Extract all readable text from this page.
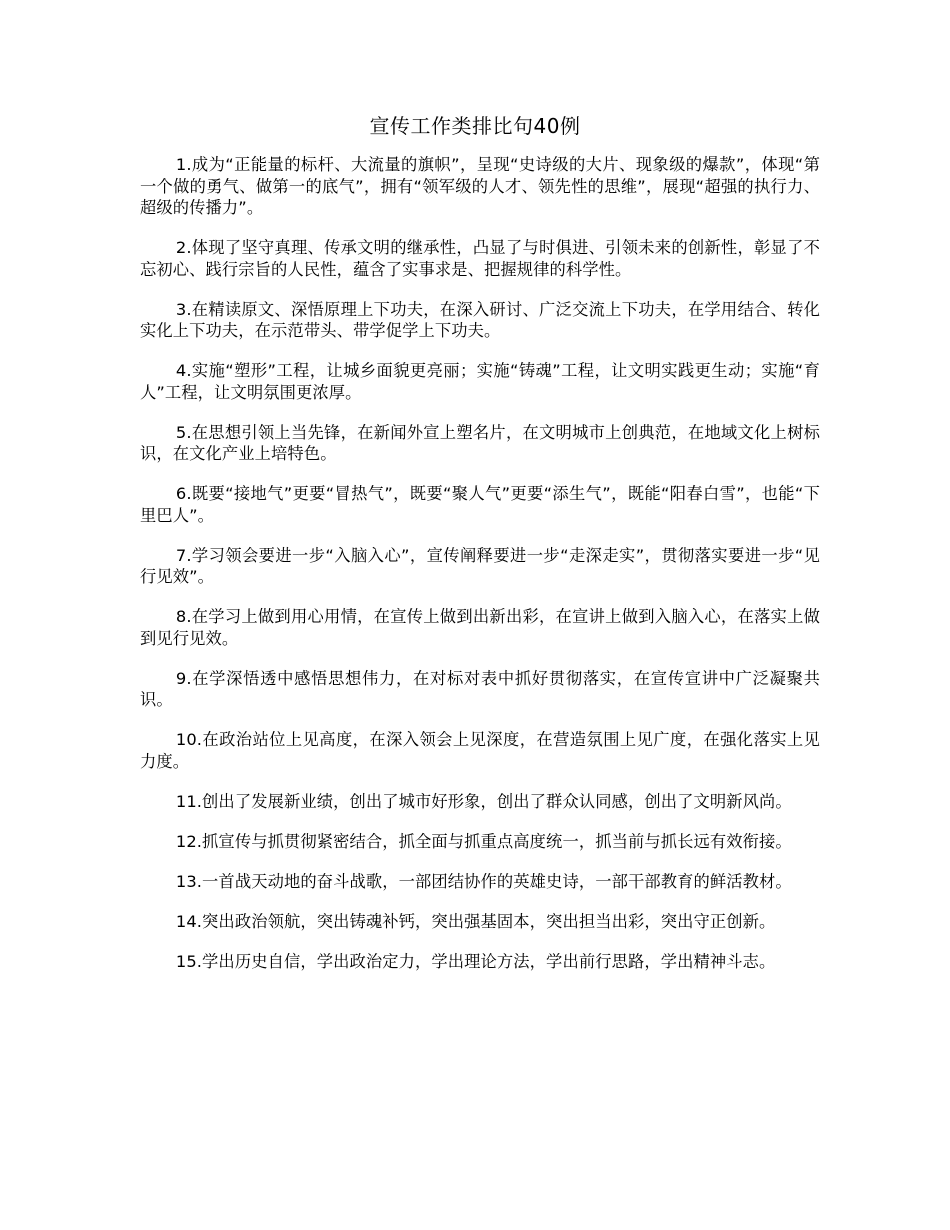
宣传工作类排比句40例

1.成为“正能量的标杆、大流量的旗帜”，呈现“史诗级的大片、现象级的爆款”，体现“第一个做的勇气、做第一的底气”，拥有“领军级的人才、领先性的思维”，展现“超强的执行力、超级的传播力”。

2.体现了坚守真理、传承文明的继承性，凸显了与时俱进、引领未来的创新性，彰显了不忘初心、践行宗旨的人民性，蕴含了实事求是、把握规律的科学性。

3.在精读原文、深悟原理上下功夫，在深入研讨、广泛交流上下功夫，在学用结合、转化实化上下功夫，在示范带头、带学促学上下功夫。

4.实施“塑形”工程，让城乡面貌更亮丽；实施“铸魂”工程，让文明实践更生动；实施“育人”工程，让文明氛围更浓厚。

5.在思想引领上当先锋，在新闻外宣上塑名片，在文明城市上创典范，在地域文化上树标识，在文化产业上培特色。

6.既要“接地气”更要“冒热气”，既要“聚人气”更要“添生气”，既能“阳春白雪”，也能“下里巴人”。

7.学习领会要进一步“入脑入心”，宣传阐释要进一步“走深走实”，贯彻落实要进一步“见行见效”。

8.在学习上做到用心用情，在宣传上做到出新出彩，在宣讲上做到入脑入心，在落实上做到见行见效。

9.在学深悟透中感悟思想伟力，在对标对表中抓好贯彻落实，在宣传宣讲中广泛凝聚共识。

10.在政治站位上见高度，在深入领会上见深度，在营造氛围上见广度，在强化落实上见力度。

11.创出了发展新业绩，创出了城市好形象，创出了群众认同感，创出了文明新风尚。

12.抓宣传与抓贯彻紧密结合，抓全面与抓重点高度统一，抓当前与抓长远有效衔接。

13.一首战天动地的奋斗战歌，一部团结协作的英雄史诗，一部干部教育的鲜活教材。

14.突出政治领航，突出铸魂补钙，突出强基固本，突出担当出彩，突出守正创新。

15.学出历史自信，学出政治定力，学出理论方法，学出前行思路，学出精神斗志。
